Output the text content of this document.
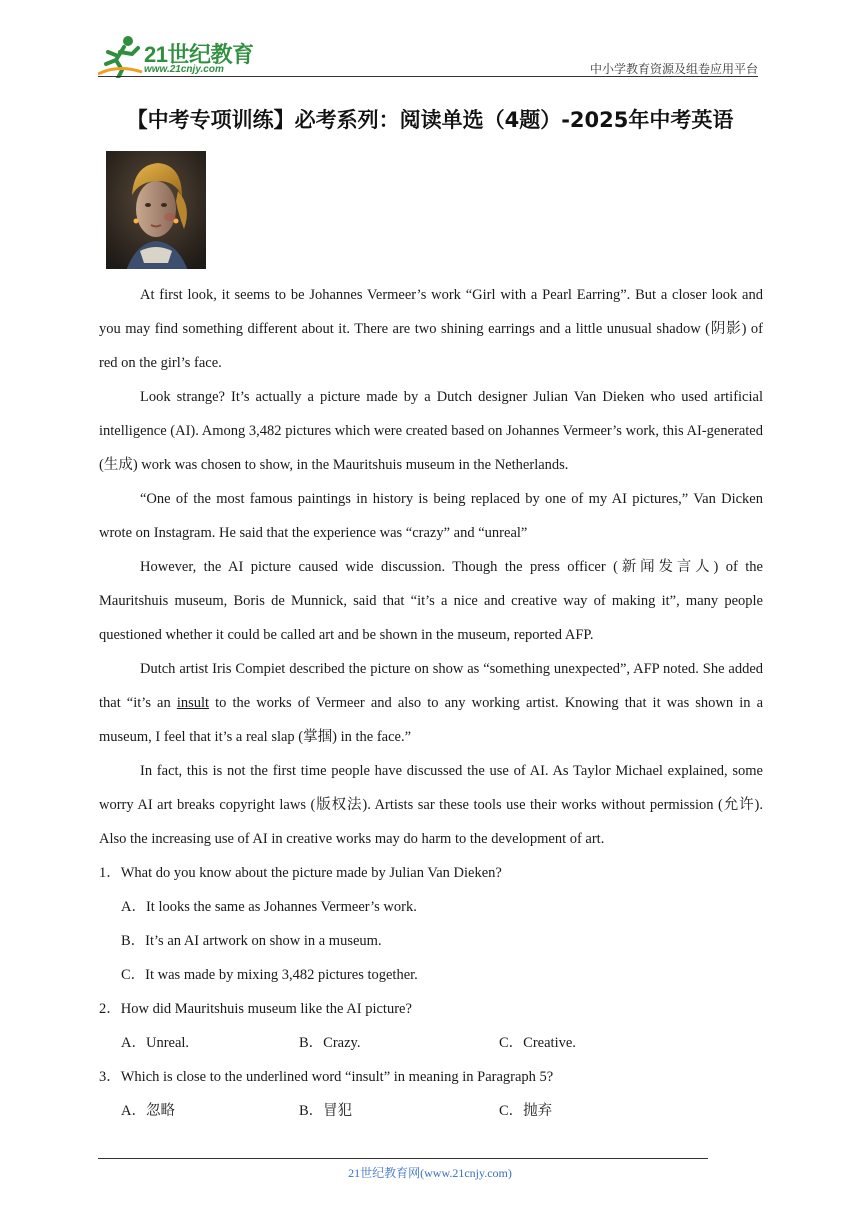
21世纪教育
www.21cnjy.com	中小学教育资源及组卷应用平台
【中考专项训练】必考系列：阅读单选（4题）-2025年中考英语

At first look, it seems to be Johannes Vermeer’s work “Girl with a Pearl Earring”. But a closer look and you may find something different about it. There are two shining earrings and a little unusual shadow (阴影) of red on the girl’s face.

Look strange? It’s actually a picture made by a Dutch designer Julian Van Dieken who used artificial intelligence (AI). Among 3,482 pictures which were created based on Johannes Vermeer’s work, this AI-generated (生成) work was chosen to show, in the Mauritshuis museum in the Netherlands.

“One of the most famous paintings in history is being replaced by one of my AI pictures,” Van Dicken wrote on Instagram. He said that the experience was “crazy” and “unreal”

However, the AI picture caused wide discussion. Though the press officer (新闻发言人) of the Mauritshuis museum, Boris de Munnick, said that “it’s a nice and creative way of making it”, many people questioned whether it could be called art and be shown in the museum, reported AFP.

Dutch artist Iris Compiet described the picture on show as “something unexpected”, AFP noted. She added that “it’s an insult to the works of Vermeer and also to any working artist. Knowing that it was shown in a museum, I feel that it’s a real slap (掌掴) in the face.”

In fact, this is not the first time people have discussed the use of AI. As Taylor Michael explained, some worry AI art breaks copyright laws (版权法). Artists sar these tools use their works without permission (允许). Also the increasing use of AI in creative works may do harm to the development of art.

1．What do you know about the picture made by Julian Van Dieken?

A．It looks the same as Johannes Vermeer’s work.

B．It’s an AI artwork on show in a museum.

C．It was made by mixing 3,482 pictures together.

2．How did Mauritshuis museum like the AI picture?

A．Unreal.	B．Crazy.	C．Creative.

3．Which is close to the underlined word “insult” in meaning in Paragraph 5?

A．忽略	B．冒犯	C．抛弃
21世纪教育网(www.21cnjy.com)
